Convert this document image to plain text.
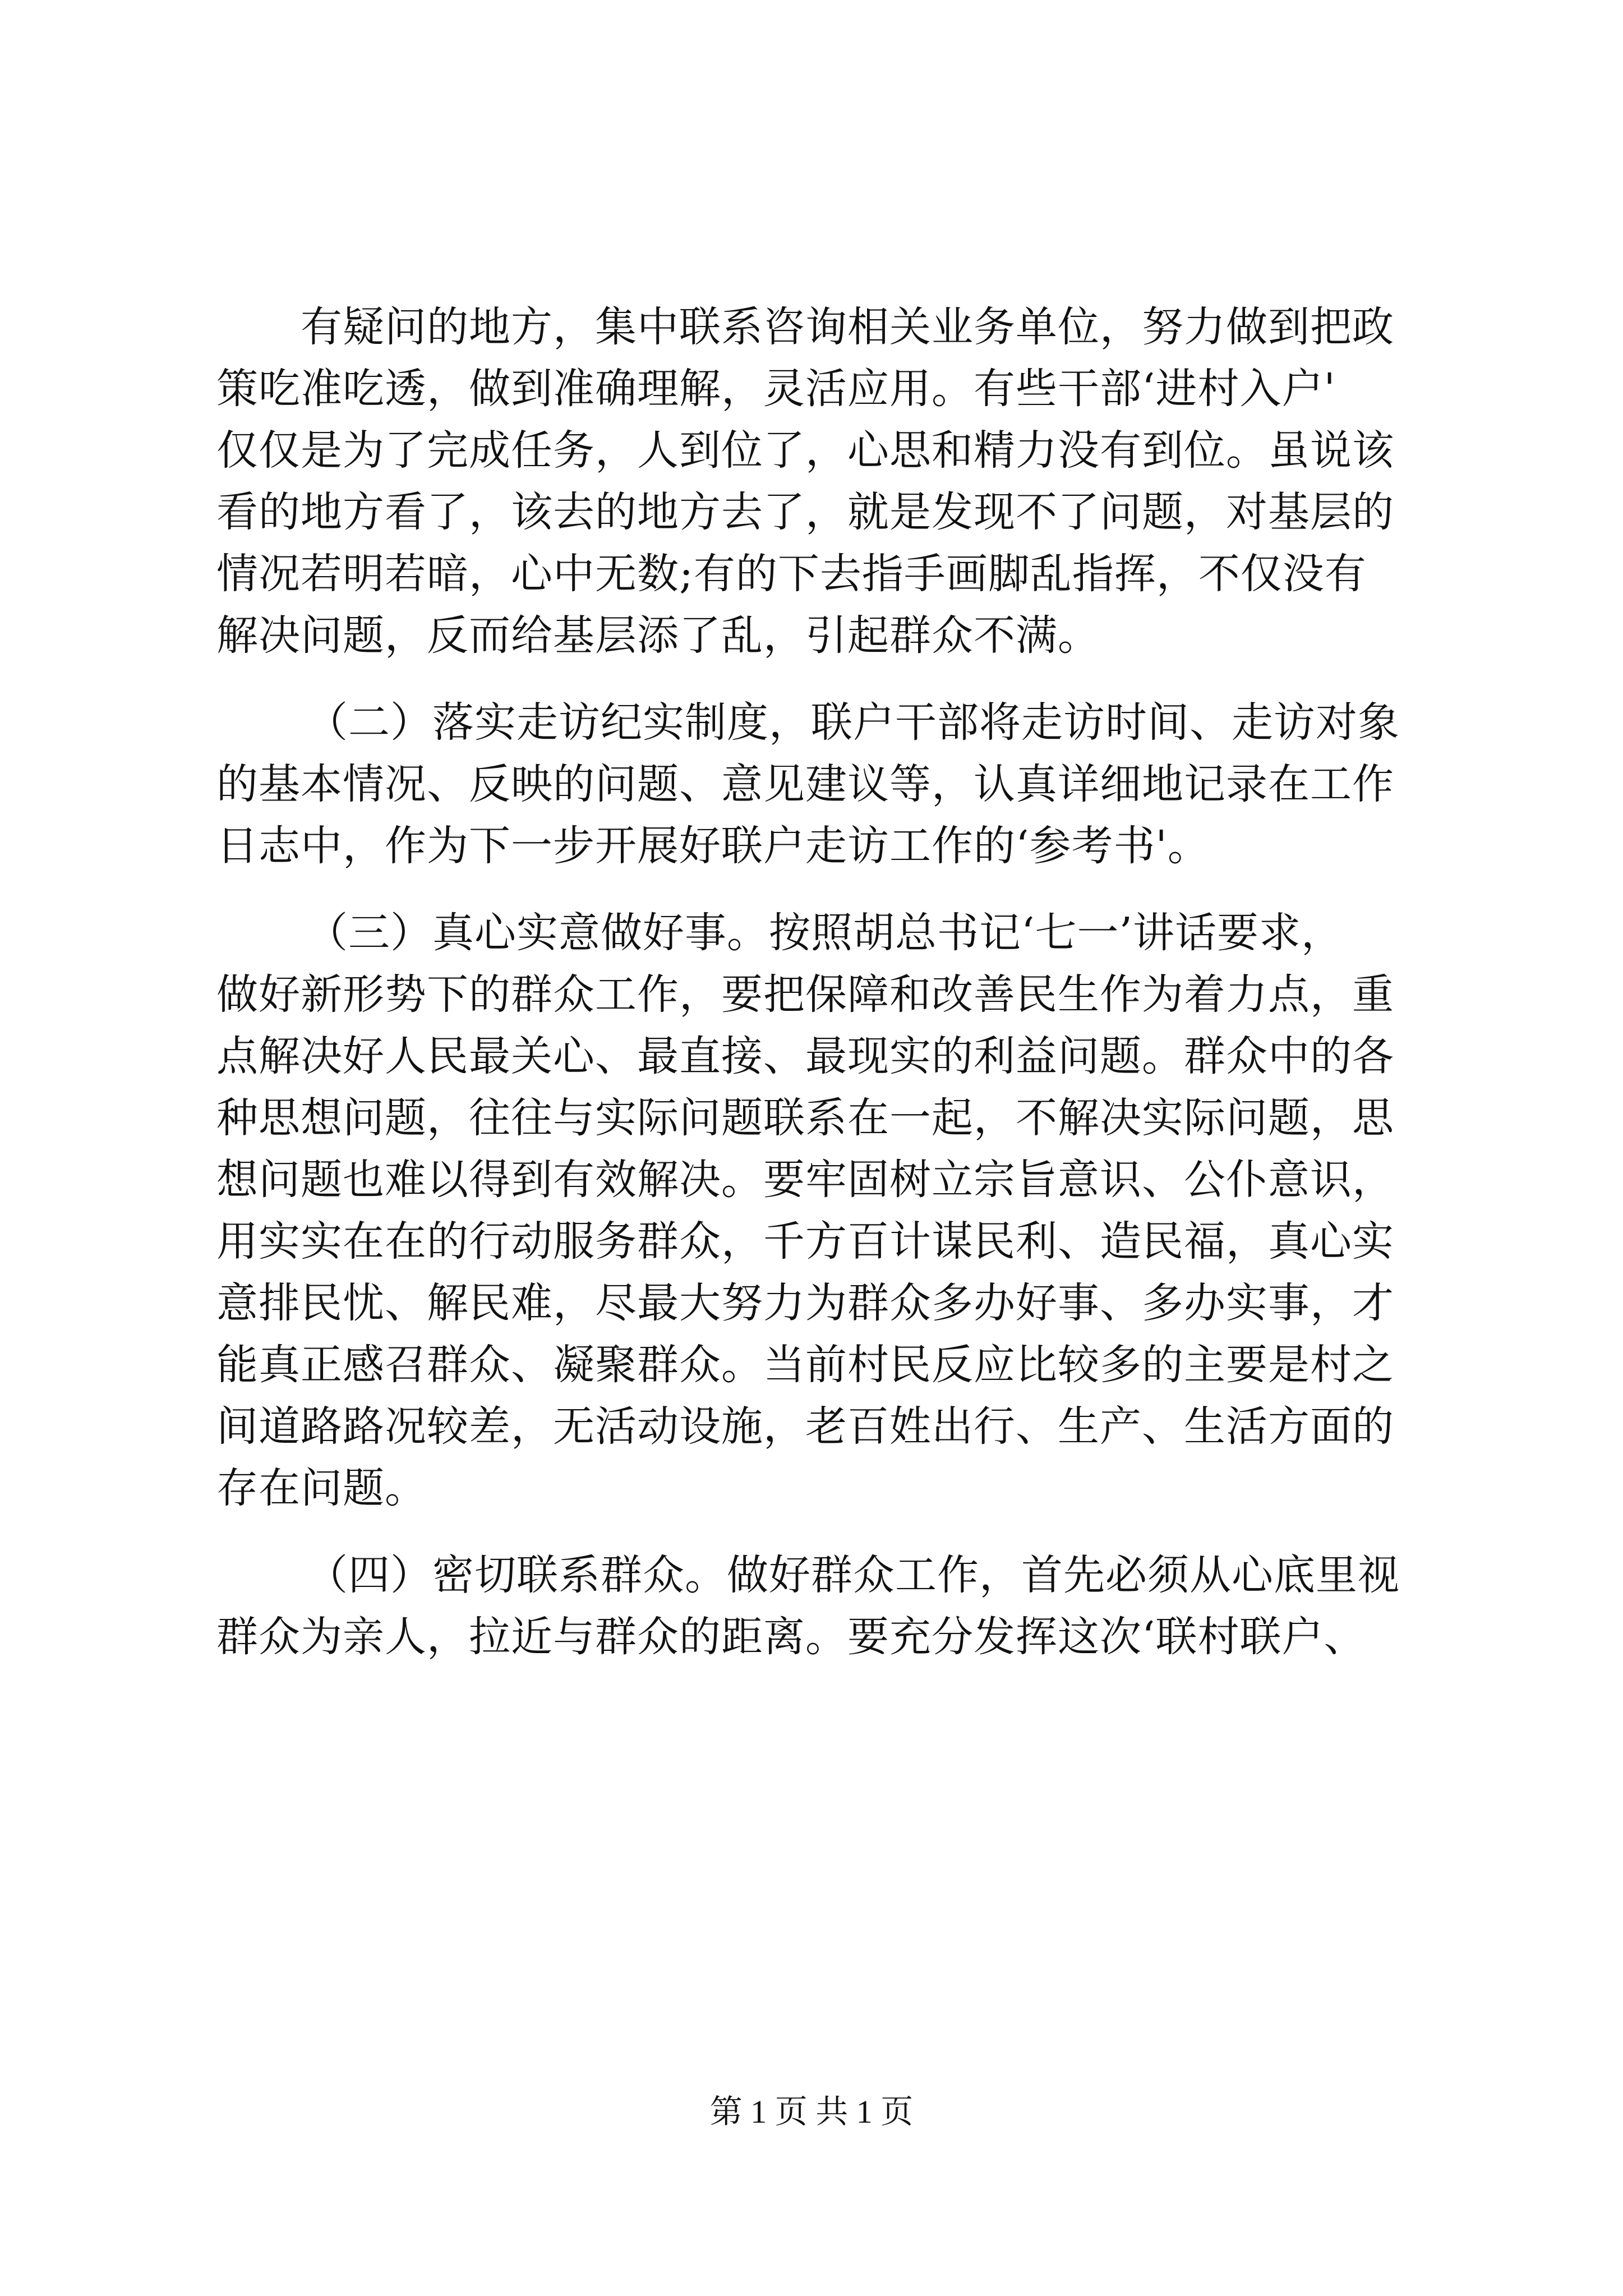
有疑问的地方，集中联系咨询相关业务单位，努力做到把政
策吃准吃透，做到准确理解，灵活应用。有些干部‘进村入户'
仅仅是为了完成任务，人到位了，心思和精力没有到位。虽说该
看的地方看了，该去的地方去了，就是发现不了问题，对基层的
情况若明若暗，心中无数;有的下去指手画脚乱指挥，不仅没有
解决问题，反而给基层添了乱，引起群众不满。
（二）落实走访纪实制度，联户干部将走访时间、走访对象
的基本情况、反映的问题、意见建议等，认真详细地记录在工作
日志中，作为下一步开展好联户走访工作的‘参考书'。
（三）真心实意做好事。按照胡总书记‘七一’讲话要求，
做好新形势下的群众工作，要把保障和改善民生作为着力点，重
点解决好人民最关心、最直接、最现实的利益问题。群众中的各
种思想问题，往往与实际问题联系在一起，不解决实际问题，思
想问题也难以得到有效解决。要牢固树立宗旨意识、公仆意识，
用实实在在的行动服务群众，千方百计谋民利、造民福，真心实
意排民忧、解民难，尽最大努力为群众多办好事、多办实事，才
能真正感召群众、凝聚群众。当前村民反应比较多的主要是村之
间道路路况较差，无活动设施，老百姓出行、生产、生活方面的
存在问题。
（四）密切联系群众。做好群众工作，首先必须从心底里视
群众为亲人，拉近与群众的距离。要充分发挥这次‘联村联户、
第 1 页 共 1 页
